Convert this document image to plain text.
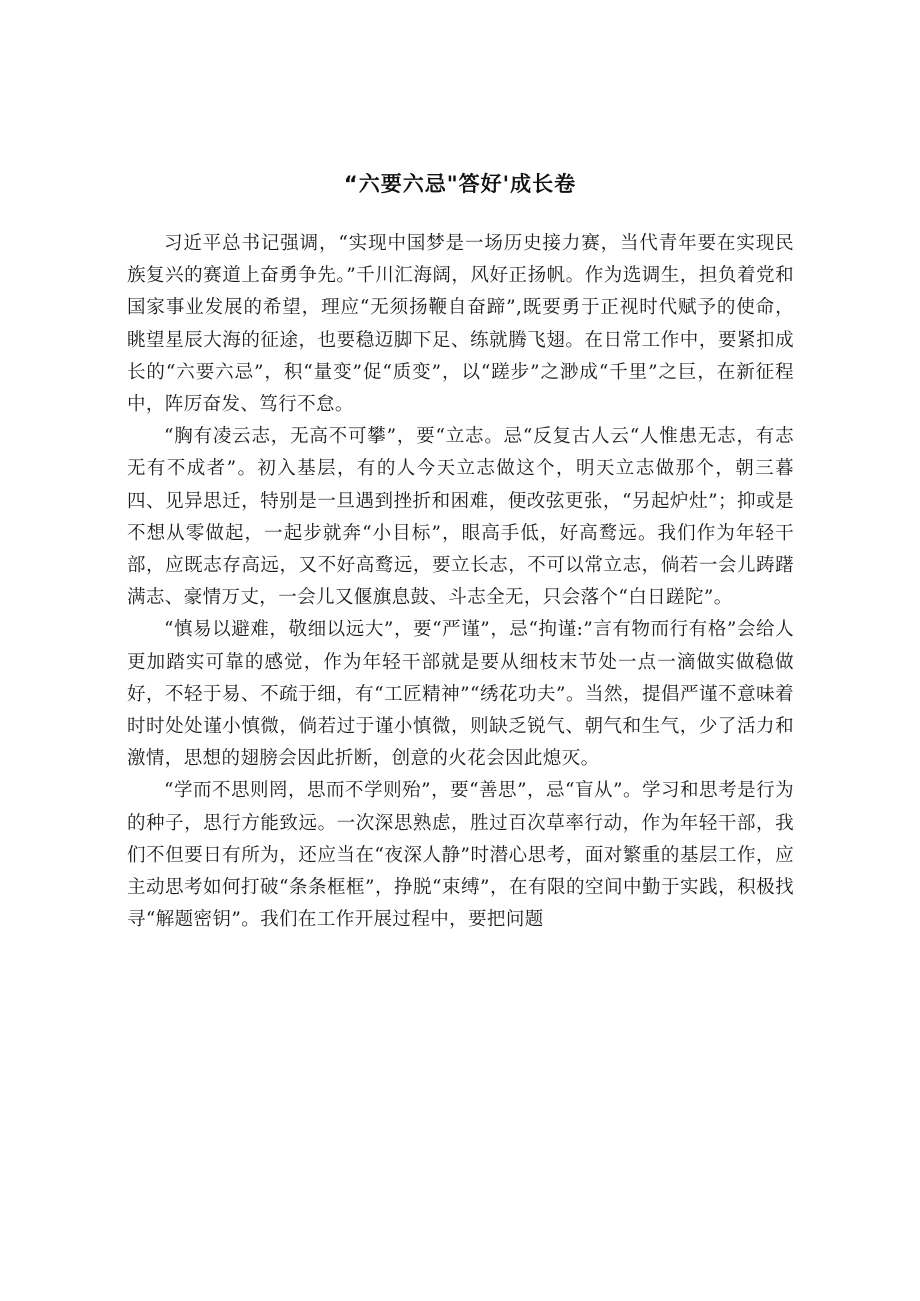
“六要六忌"答好'成长卷

习近平总书记强调，“实现中国梦是一场历史接力赛，当代青年要在实现民族复兴的赛道上奋勇争先。”千川汇海阔，风好正扬帆。作为选调生，担负着党和国家事业发展的希望，理应“无须扬鞭自奋蹄”,既要勇于正视时代赋予的使命，眺望星辰大海的征途，也要稳迈脚下足、练就腾飞翅。在日常工作中，要紧扣成长的“六要六忌”，积“量变”促“质变”，以“蹉步”之渺成“千里”之巨，在新征程中，阵厉奋发、笃行不怠。

“胸有凌云志，无高不可攀”，要“立志。忌“反复古人云“人惟患无志，有志无有不成者”。初入基层，有的人今天立志做这个，明天立志做那个，朝三暮四、见异思迁，特别是一旦遇到挫折和困难，便改弦更张，“另起炉灶”；抑或是不想从零做起，一起步就奔“小目标”，眼高手低，好高鹜远。我们作为年轻干部，应既志存高远，又不好高鹜远，要立长志，不可以常立志，倘若一会儿踌躇满志、豪情万丈，一会儿又偃旗息鼓、斗志全无，只会落个“白日蹉陀”。

“慎易以避难，敬细以远大”，要“严谨”，忌“拘谨:”言有物而行有格”会给人更加踏实可靠的感觉，作为年轻干部就是要从细枝末节处一点一滴做实做稳做好，不轻于易、不疏于细，有“工匠精神”“绣花功夫”。当然，提倡严谨不意味着时时处处谨小慎微，倘若过于谨小慎微，则缺乏锐气、朝气和生气，少了活力和激情，思想的翅膀会因此折断，创意的火花会因此熄灭。

“学而不思则罔，思而不学则殆”，要“善思”，忌“盲从”。学习和思考是行为的种子，思行方能致远。一次深思熟虑，胜过百次草率行动，作为年轻干部，我们不但要日有所为，还应当在“夜深人静”时潜心思考，面对繁重的基层工作，应主动思考如何打破“条条框框”，挣脱“束缚”，在有限的空间中勤于实践，积极找寻“解题密钥”。我们在工作开展过程中，要把问题
